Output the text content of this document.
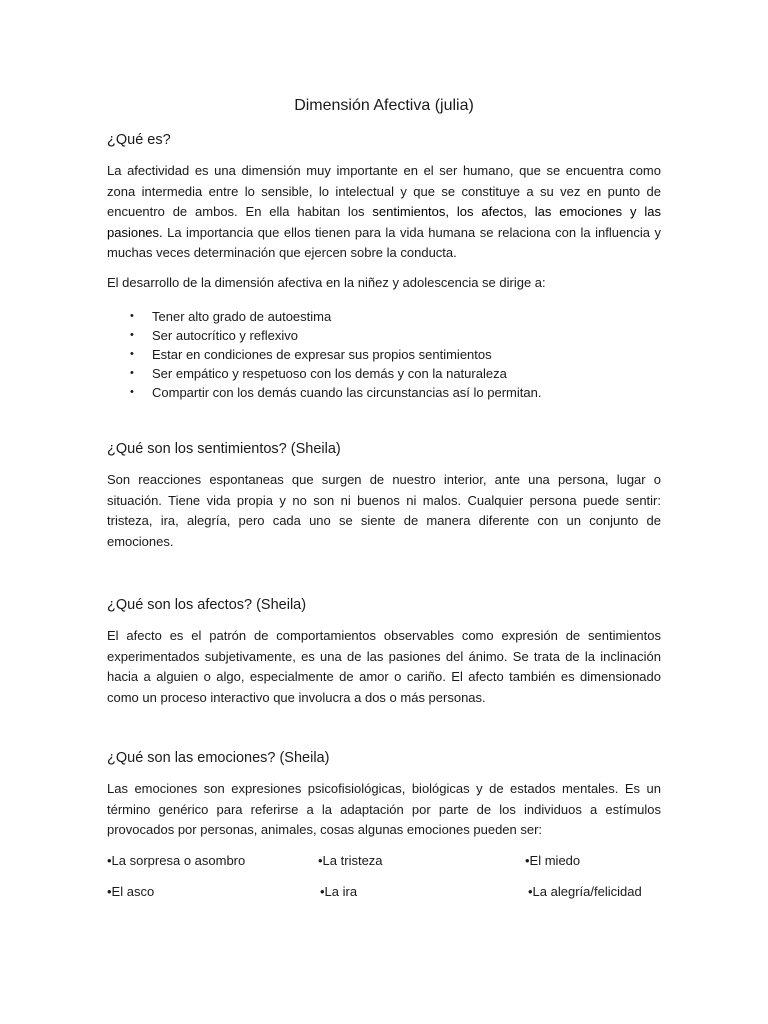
Dimensión Afectiva (julia)
¿Qué es?
La afectividad es una dimensión muy importante en el ser humano, que se encuentra como zona intermedia entre lo sensible, lo intelectual y que se constituye a su vez en punto de encuentro de ambos. En ella habitan los sentimientos, los afectos, las emociones y las pasiones. La importancia que ellos tienen para la vida humana se relaciona con la influencia y muchas veces determinación que ejercen sobre la conducta.
El desarrollo de la dimensión afectiva en la niñez y adolescencia se dirige a:
• Tener alto grado de autoestima
• Ser autocrítico y reflexivo
• Estar en condiciones de expresar sus propios sentimientos
• Ser empático y respetuoso con los demás y con la naturaleza
• Compartir con los demás cuando las circunstancias así lo permitan.
¿Qué son los sentimientos? (Sheila)
Son reacciones espontaneas que surgen de nuestro interior, ante una persona, lugar o situación. Tiene vida propia y no son ni buenos ni malos. Cualquier persona puede sentir: tristeza, ira, alegría, pero cada uno se siente de manera diferente con un conjunto de emociones.
¿Qué son los afectos? (Sheila)
El afecto es el patrón de comportamientos observables como expresión de sentimientos experimentados subjetivamente, es una de las pasiones del ánimo. Se trata de la inclinación hacia a alguien o algo, especialmente de amor o cariño. El afecto también es dimensionado como un proceso interactivo que involucra a dos o más personas.
¿Qué son las emociones? (Sheila)
Las emociones son expresiones psicofisiológicas, biológicas y de estados mentales. Es un término genérico para referirse a la adaptación por parte de los individuos a estímulos provocados por personas, animales, cosas algunas emociones pueden ser:
•La sorpresa o asombro	•La tristeza	•El miedo
•El asco	•La ira	•La alegría/felicidad
